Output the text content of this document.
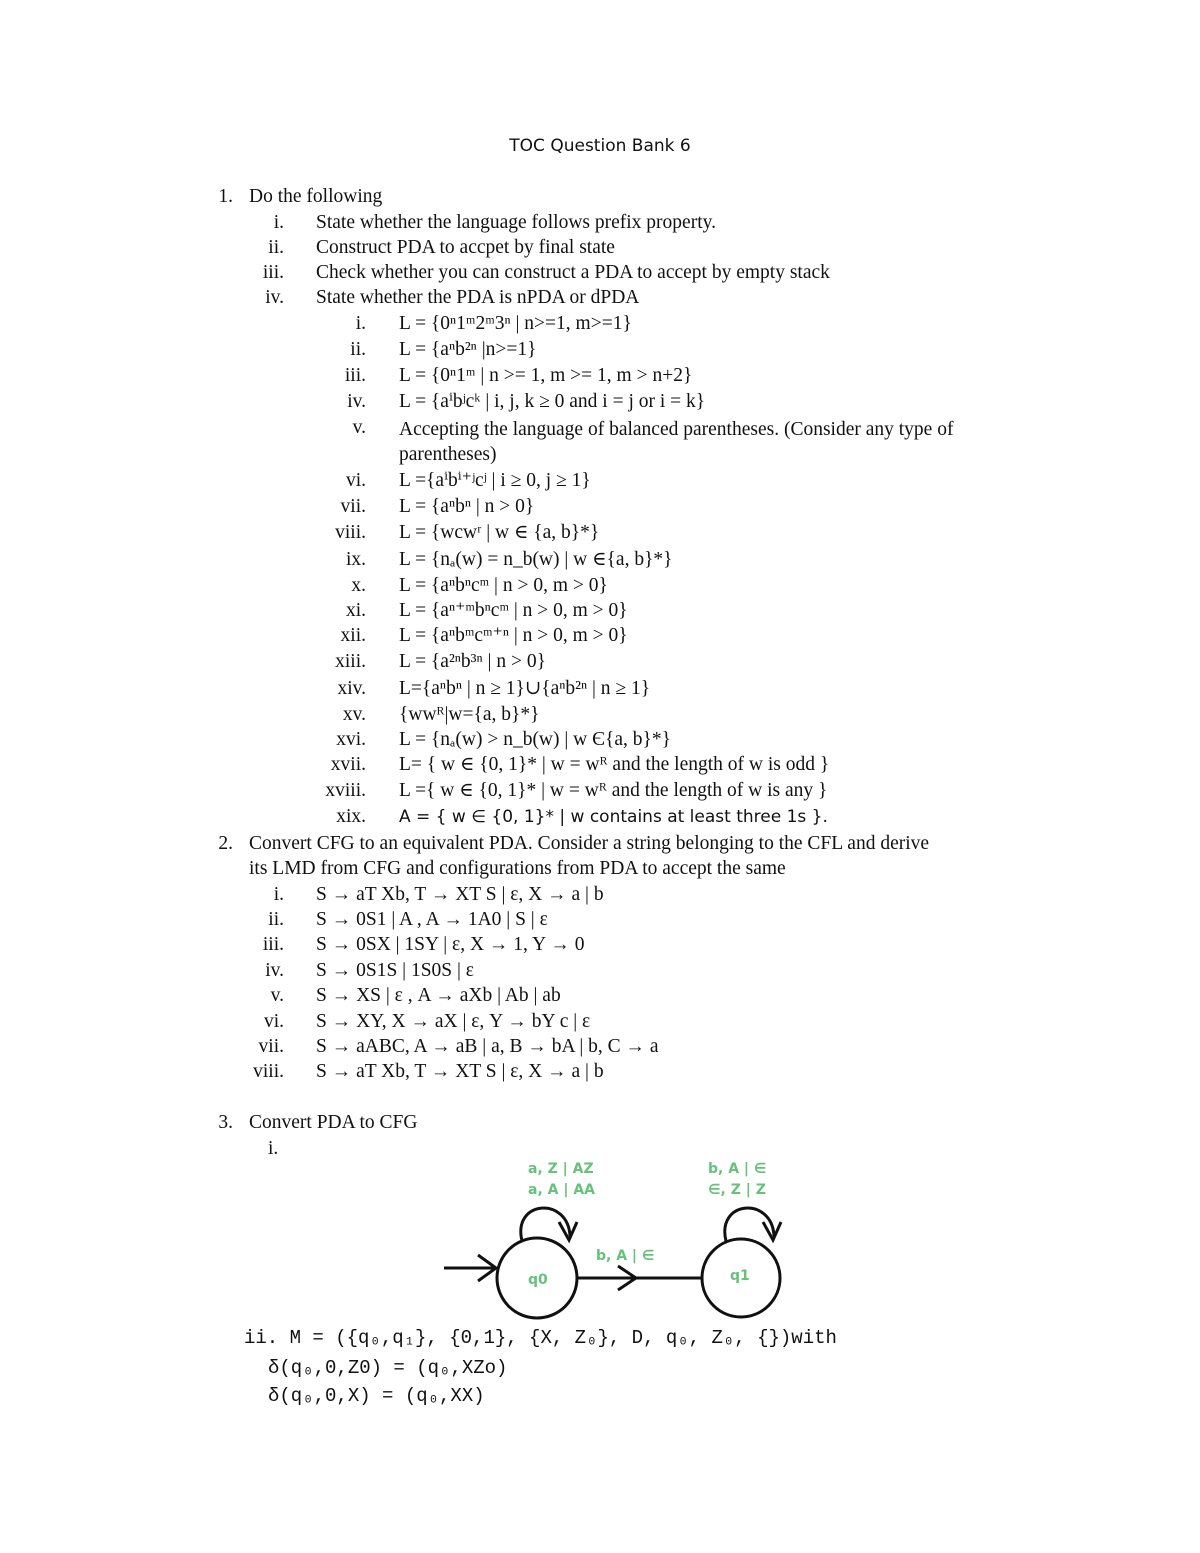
TOC Question Bank 6
1. Do the following
i. State whether the language follows prefix property.
ii. Construct PDA to accpet by final state
iii. Check whether you can construct a PDA to accept by empty stack
iv. State whether the PDA is nPDA or dPDA
i. L = {0ⁿ1ᵐ2ᵐ3ⁿ | n>=1, m>=1}
ii. L = {aⁿb²ⁿ |n>=1}
iii. L = {0ⁿ1ᵐ | n >= 1, m >= 1, m > n+2}
iv. L = {aⁱbʲcᵏ | i, j, k ≥ 0 and i = j or i = k}
v. Accepting the language of balanced parentheses. (Consider any type of parentheses)
vi. L ={aⁱbⁱ⁺ʲcʲ | i ≥ 0, j ≥ 1}
vii. L = {aⁿbⁿ | n > 0}
viii. L = {wcwʳ | w ∈ {a, b}*}
ix. L = {nₐ(w) = n_b(w) | w ∈{a, b}*}
x. L = {aⁿbⁿcᵐ | n > 0, m > 0}
xi. L = {aⁿ⁺ᵐbⁿcᵐ | n > 0, m > 0}
xii. L = {aⁿbᵐcᵐ⁺ⁿ | n > 0, m > 0}
xiii. L = {a²ⁿb³ⁿ | n > 0}
xiv. L={aⁿbⁿ | n ≥ 1}∪{aⁿb²ⁿ | n ≥ 1}
xv. {wwᴿ|w={a, b}*}
xvi. L = {nₐ(w) > n_b(w) | w Є{a, b}*}
xvii. L= { w ∈ {0, 1}* | w = wᴿ and the length of w is odd }
xviii. L ={ w ∈ {0, 1}* | w = wᴿ and the length of w is any }
xix. A = { w ∈ {0, 1}* | w contains at least three 1s }.
2. Convert CFG to an equivalent PDA. Consider a string belonging to the CFL and derive
its LMD from CFG and configurations from PDA to accept the same
i. S → aT Xb, T → XT S | ε, X → a | b
ii. S → 0S1 | A , A → 1A0 | S | ε
iii. S → 0SX | 1SY | ε, X → 1, Y → 0
iv. S → 0S1S | 1S0S | ε
v. S → XS | ε , A → aXb | Ab | ab
vi. S → XY, X → aX | ε, Y → bY c | ε
vii. S → aABC, A → aB | a, B → bA | b, C → a
viii. S → aT Xb, T → XT S | ε, X → a | b
3. Convert PDA to CFG
i.
a, Z | AZ
a, A | AA
b, A | ∈
∈, Z | Z
b, A | ∈
q0	q1
ii. M = ({q₀,q₁}, {0,1}, {X, Z₀}, D, q₀, Z₀, {})with
δ(q₀,0,Z0) = (q₀,XZo)
δ(q₀,0,X) = (q₀,XX)
